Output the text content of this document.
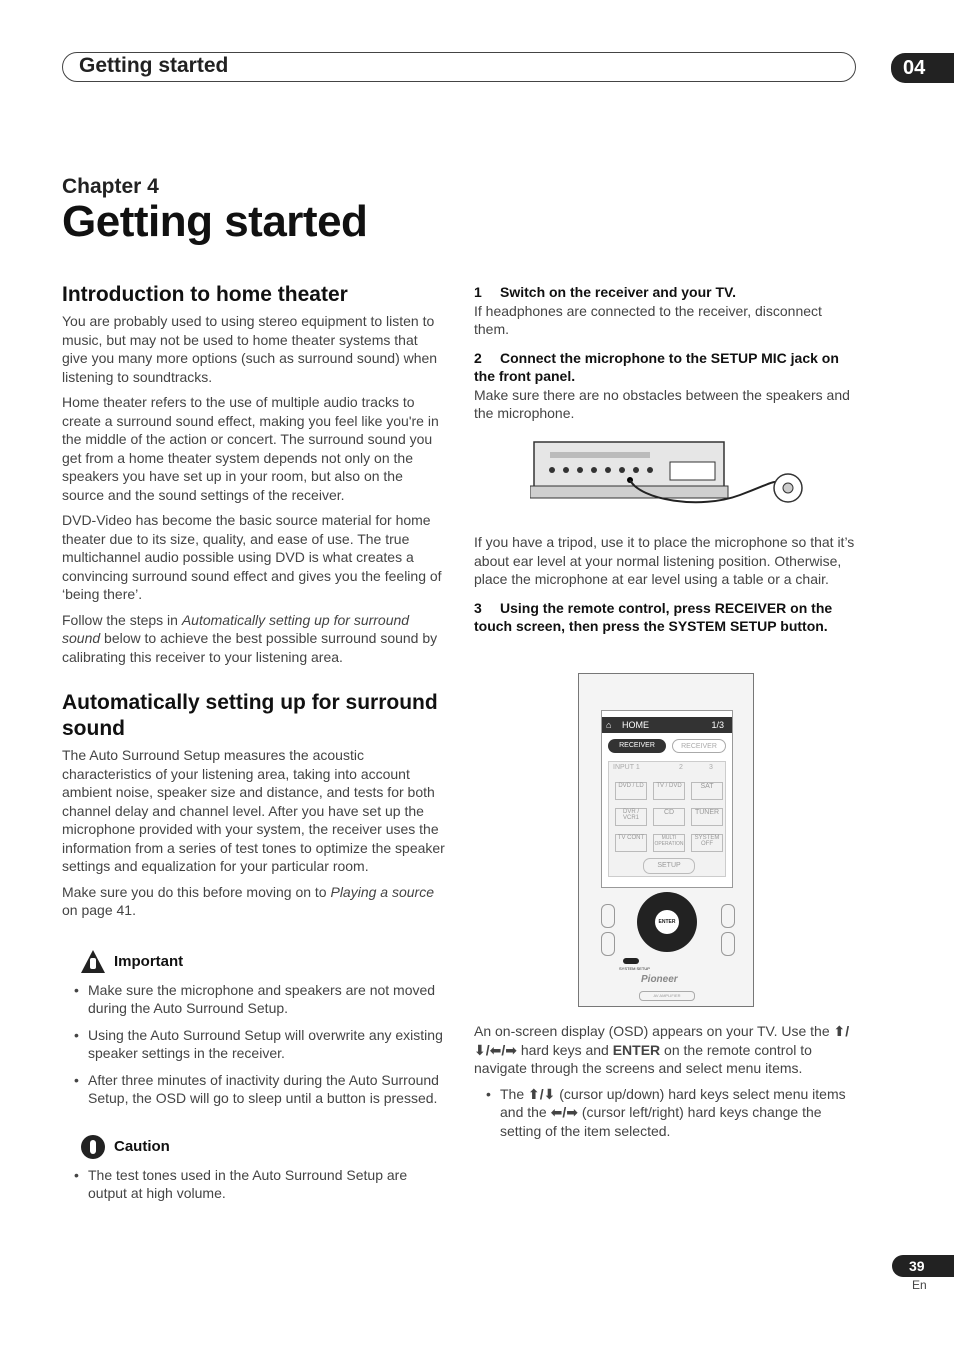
Getting started	04
Chapter 4
Getting started
Introduction to home theater

You are probably used to using stereo equipment to listen to music, but may not be used to home theater systems that give you many more options (such as surround sound) when listening to soundtracks.

Home theater refers to the use of multiple audio tracks to create a surround sound effect, making you feel like you're in the middle of the action or concert. The surround sound you get from a home theater system depends not only on the speakers you have set up in your room, but also on the source and the sound settings of the receiver.

DVD-Video has become the basic source material for home theater due to its size, quality, and ease of use. The true multichannel audio possible using DVD is what creates a convincing surround sound effect and gives you the feeling of ‘being there’.

Follow the steps in Automatically setting up for surround sound below to achieve the best possible surround sound by calibrating this receiver to your listening area.

Automatically setting up for surround sound

The Auto Surround Setup measures the acoustic characteristics of your listening area, taking into account ambient noise, speaker size and distance, and tests for both channel delay and channel level. After you have set up the microphone provided with your system, the receiver uses the information from a series of test tones to optimize the speaker settings and equalization for your particular room.

Make sure you do this before moving on to Playing a source on page 41.

Important
• Make sure the microphone and speakers are not moved during the Auto Surround Setup.
• Using the Auto Surround Setup will overwrite any existing speaker settings in the receiver.
• After three minutes of inactivity during the Auto Surround Setup, the OSD will go to sleep until a button is pressed.
Caution
• The test tones used in the Auto Surround Setup are output at high volume.

1 Switch on the receiver and your TV.

If headphones are connected to the receiver, disconnect them.

2 Connect the microphone to the SETUP MIC jack on the front panel.

Make sure there are no obstacles between the speakers and the microphone.

If you have a tripod, use it to place the microphone so that it’s about ear level at your normal listening position. Otherwise, place the microphone at ear level using a table or a chair.

3 Using the remote control, press RECEIVER on the touch screen, then press the SYSTEM SETUP button.

⌂ HOME	1/3
RECEIVER	RECEIVER
INPUT 1	2	3
DVD / LD	TV / DVD	SAT
DVR / VCR1
CD	TUNER
TV CONT	MULTI OPERATION
SYSTEM OFF
SETUP
ENTER
SYSTEM SETUP
Pioneer
AV AMPLIFIER

An on-screen display (OSD) appears on your TV. Use the ⬆/⬇/⬅/➡ hard keys and ENTER on the remote control to navigate through the screens and select menu items.

• The ⬆/⬇ (cursor up/down) hard keys select menu items and the ⬅/➡ (cursor left/right) hard keys change the setting of the item selected.
39
En
